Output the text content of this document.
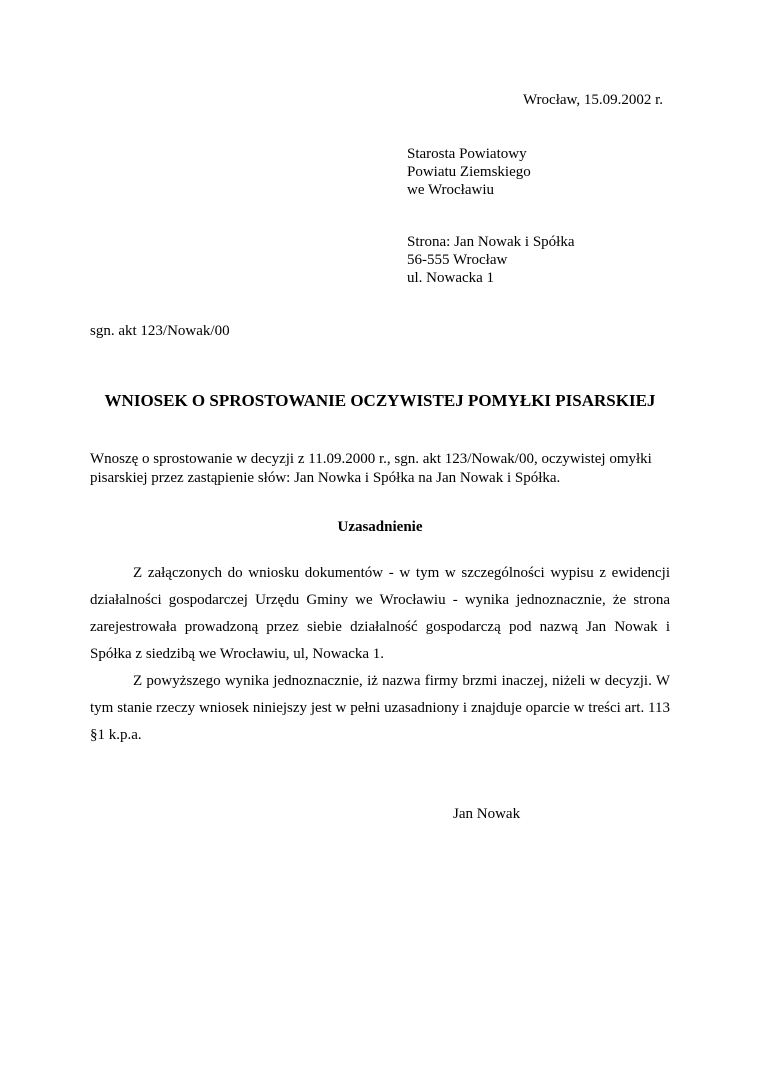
Wrocław, 15.09.2002 r.
Starosta Powiatowy
Powiatu Ziemskiego
we Wrocławiu
Strona: Jan Nowak i Spółka
56-555 Wrocław
ul. Nowacka 1
sgn. akt 123/Nowak/00
WNIOSEK O SPROSTOWANIE OCZYWISTEJ POMYŁKI PISARSKIEJ
Wnoszę o sprostowanie w decyzji z 11.09.2000 r., sgn. akt 123/Nowak/00, oczywistej omyłki pisarskiej przez zastąpienie słów: Jan Nowka i Spółka na Jan Nowak i Spółka.
Uzasadnienie

Z załączonych do wniosku dokumentów - w tym w szczególności wypisu z ewidencji działalności gospodarczej Urzędu Gminy we Wrocławiu - wynika jednoznacznie, że strona zarejestrowała prowadzoną przez siebie działalność gospodarczą pod nazwą Jan Nowak i Spółka z siedzibą we Wrocławiu, ul, Nowacka 1.

Z powyższego wynika jednoznacznie, iż nazwa firmy brzmi inaczej, niżeli w decyzji. W tym stanie rzeczy wniosek niniejszy jest w pełni uzasadniony i znajduje oparcie w treści art. 113 §1 k.p.a.

Jan Nowak
